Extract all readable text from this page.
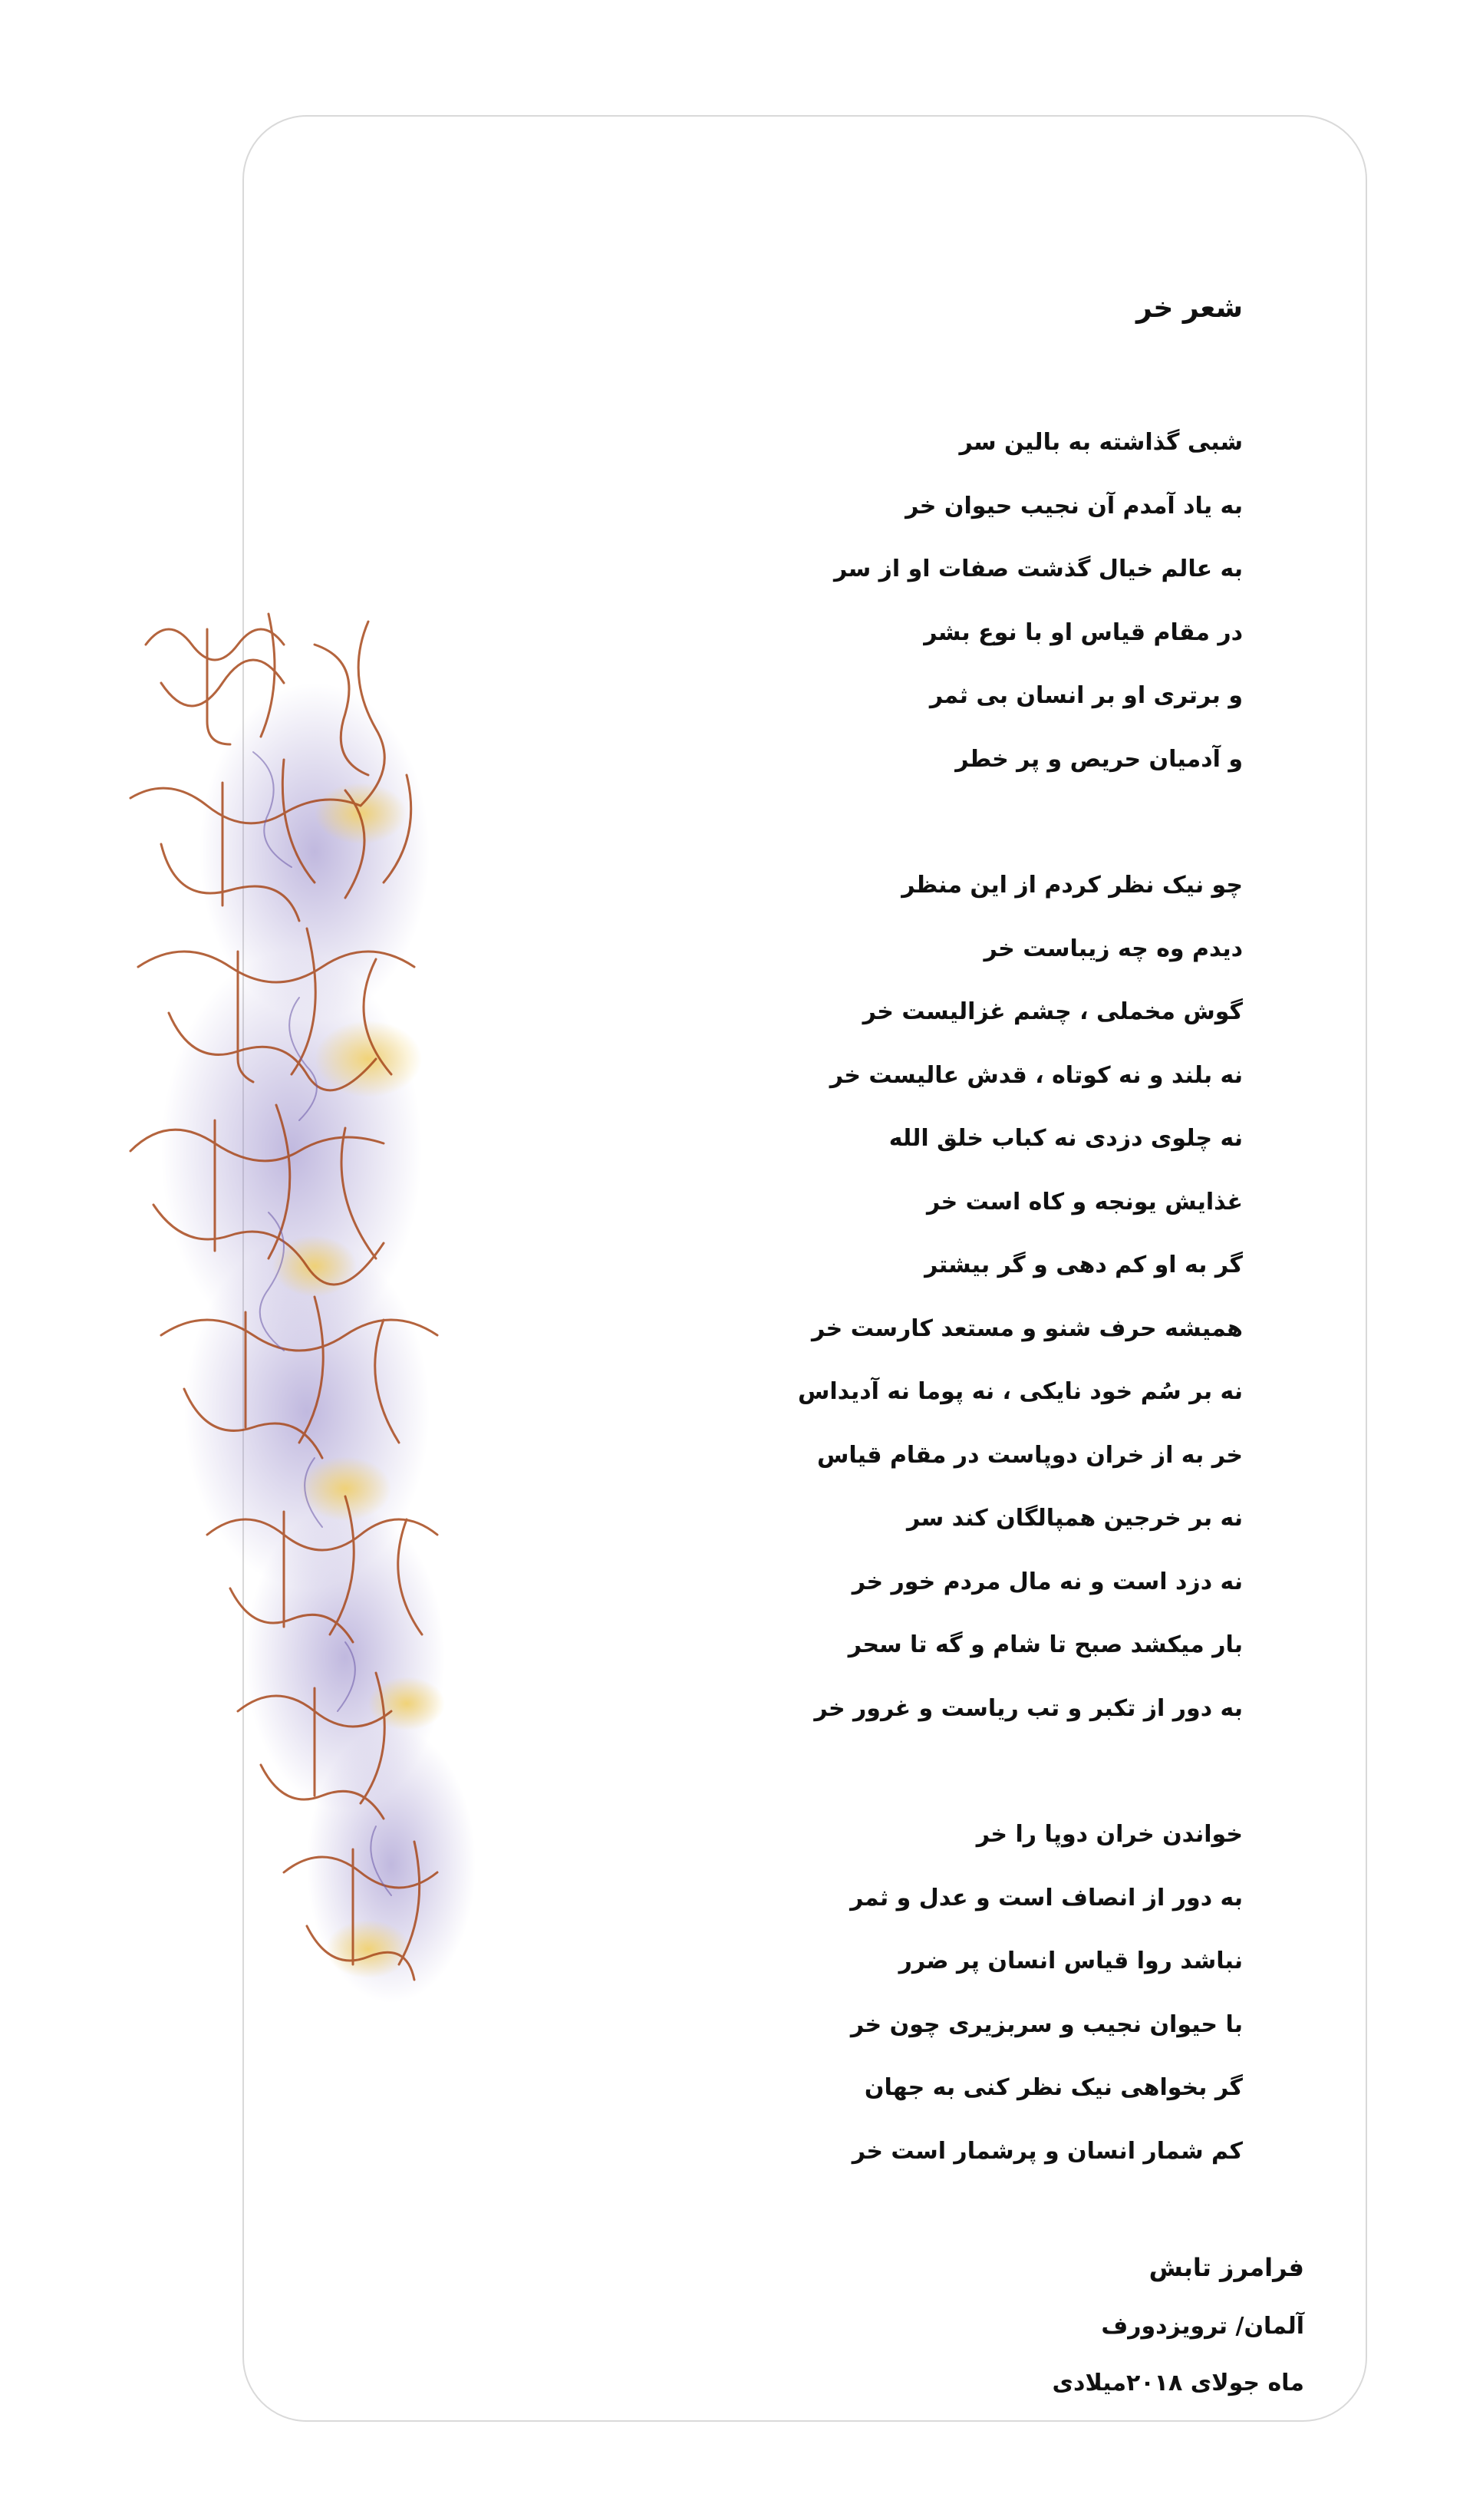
شعر خر
شبی گذاشته به بالین سر
به یاد آمدم آن نجیب حیوان خر
به عالم خیال گذشت صفات او از سر
در مقام قیاس او با نوع بشر
و برتری او بر انسان بی ثمر
و آدمیان حریص و پر خطر
چو نیک نظر کردم از این منظر
دیدم وه چه زیباست خر
گوش مخملی ، چشم غزالیست خر
نه بلند و نه کوتاه ، قدش عالیست خر
نه چلوی دزدی نه کباب خلق الله
غذایش یونجه و کاه است خر
گر به او کم دهی و گر بیشتر
همیشه حرف شنو و مستعد کارست خر
نه بر سُم خود نایکی ، نه پوما نه آدیداس
خر به از خران دوپاست در مقام قیاس
نه بر خرجین همپالگان کند سر
نه دزد است و نه مال مردم خور خر
بار میکشد صبح تا شام و گه تا سحر
به دور از تکبر و تب ریاست و غرور خر
خواندن خران دوپا را خر
به دور از انصاف است و عدل و ثمر
نباشد روا قیاس انسان پر ضرر
با حیوان نجیب و سربزیری چون خر
گر بخواهی نیک نظر کنی به جهان
کم شمار انسان و پرشمار است خر
فرامرز تابش
آلمان/ ترویزدورف
ماه جولای ۲۰۱۸میلادی
